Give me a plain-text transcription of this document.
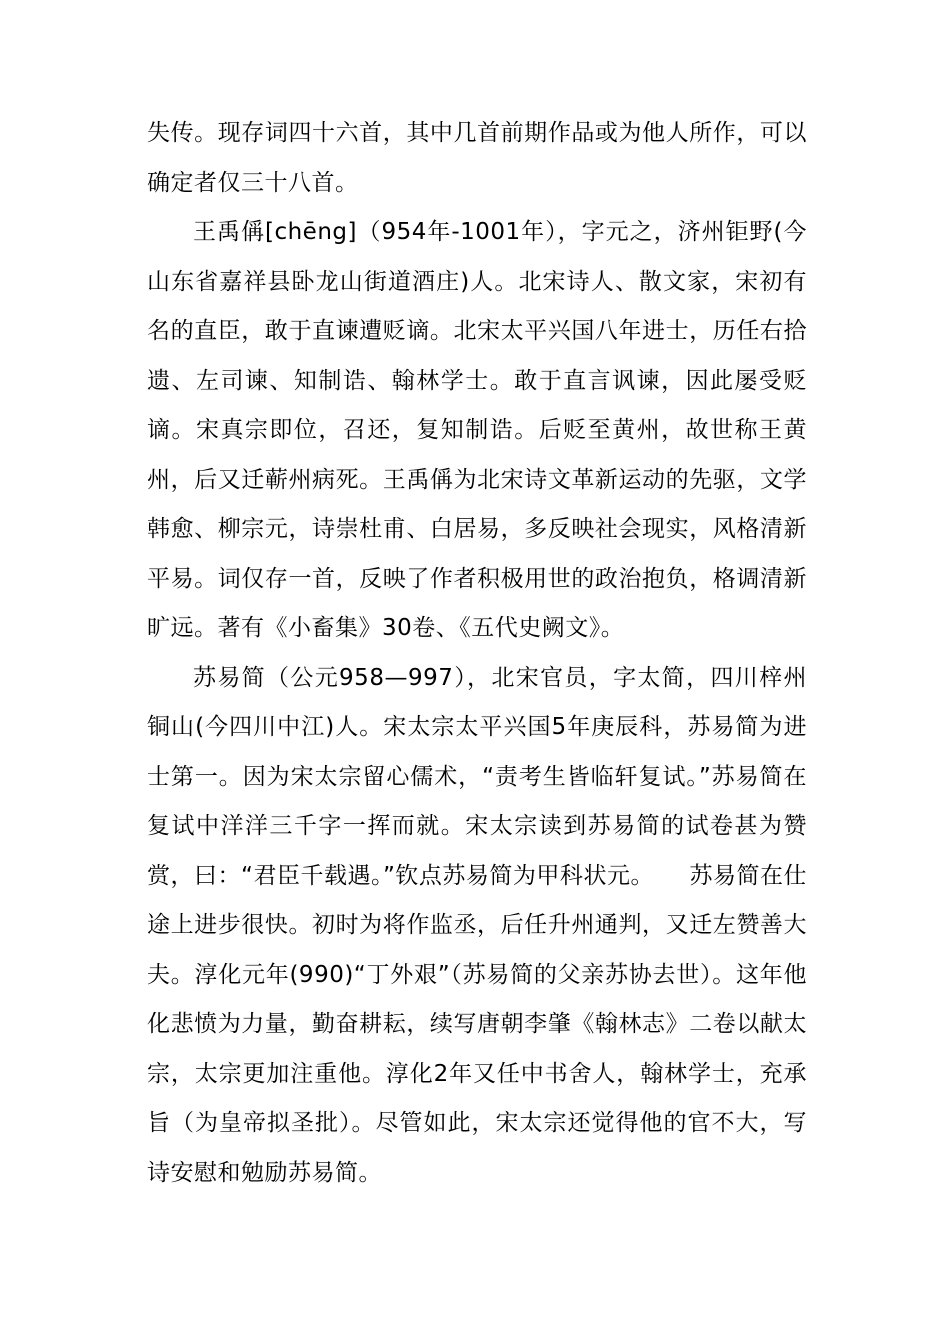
失传。现存词四十六首，其中几首前期作品或为他人所作，可以确定者仅三十八首。

王禹偁[chēng]（954年-1001年），字元之，济州钜野(今山东省嘉祥县卧龙山街道酒庄)人。北宋诗人、散文家，宋初有名的直臣，敢于直谏遭贬谪。北宋太平兴国八年进士，历任右拾遗、左司谏、知制诰、翰林学士。敢于直言讽谏，因此屡受贬谪。宋真宗即位，召还，复知制诰。后贬至黄州，故世称王黄州，后又迁蕲州病死。王禹偁为北宋诗文革新运动的先驱，文学韩愈、柳宗元，诗崇杜甫、白居易，多反映社会现实，风格清新平易。词仅存一首，反映了作者积极用世的政治抱负，格调清新旷远。著有《小畜集》30卷、《五代史阙文》。

苏易简（公元958—997），北宋官员，字太简，四川梓州铜山(今四川中江)人。宋太宗太平兴国5年庚辰科，苏易简为进士第一。因为宋太宗留心儒术，“责考生皆临轩复试。”苏易简在复试中洋洋三千字一挥而就。宋太宗读到苏易简的试卷甚为赞赏，曰：“君臣千载遇。”钦点苏易简为甲科状元。　　苏易简在仕途上进步很快。初时为将作监丞，后任升州通判，又迁左赞善大夫。淳化元年(990)“丁外艰”（苏易简的父亲苏协去世）。这年他化悲愤为力量，勤奋耕耘，续写唐朝李肇《翰林志》二卷以献太宗，太宗更加注重他。淳化2年又任中书舍人，翰林学士，充承旨（为皇帝拟圣批）。尽管如此，宋太宗还觉得他的官不大，写诗安慰和勉励苏易简。
